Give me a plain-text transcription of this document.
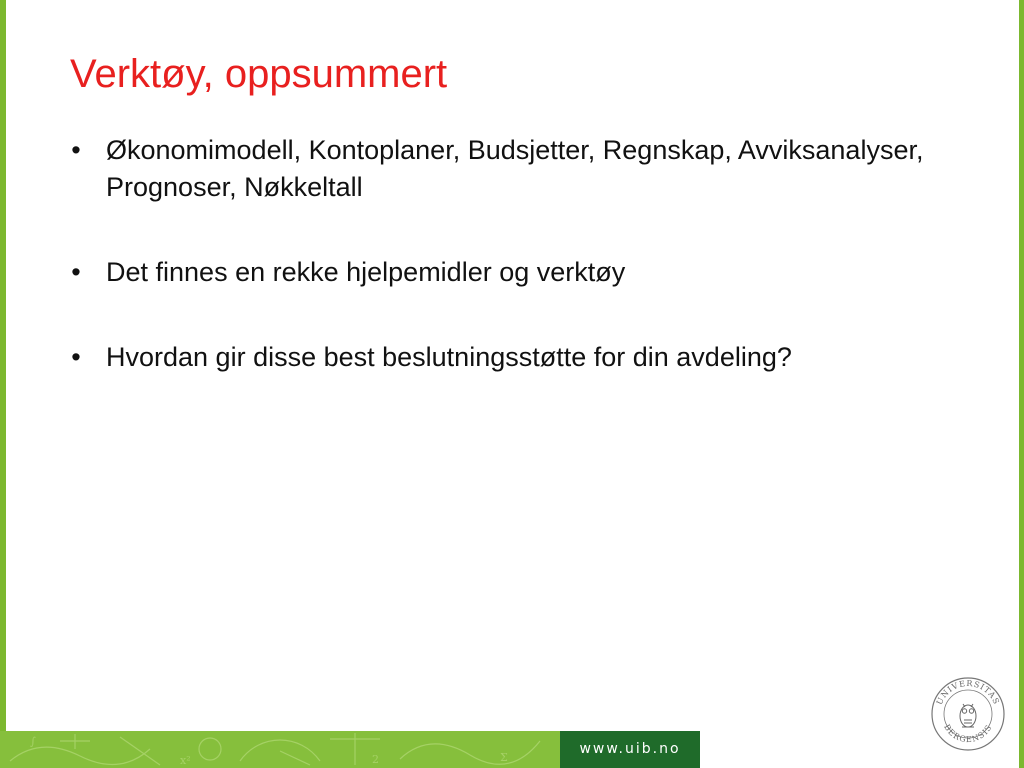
Verktøy, oppsummert
• Økonomimodell, Kontoplaner, Budsjetter, Regnskap, Avviksanalyser, Prognoser, Nøkkeltall
• Det finnes en rekke hjelpemidler og verktøy
• Hvordan gir disse best beslutningsstøtte for din avdeling?
∫
x²	2	Σ
www.uib.no
UNIVERSITAS
BERGENSIS
